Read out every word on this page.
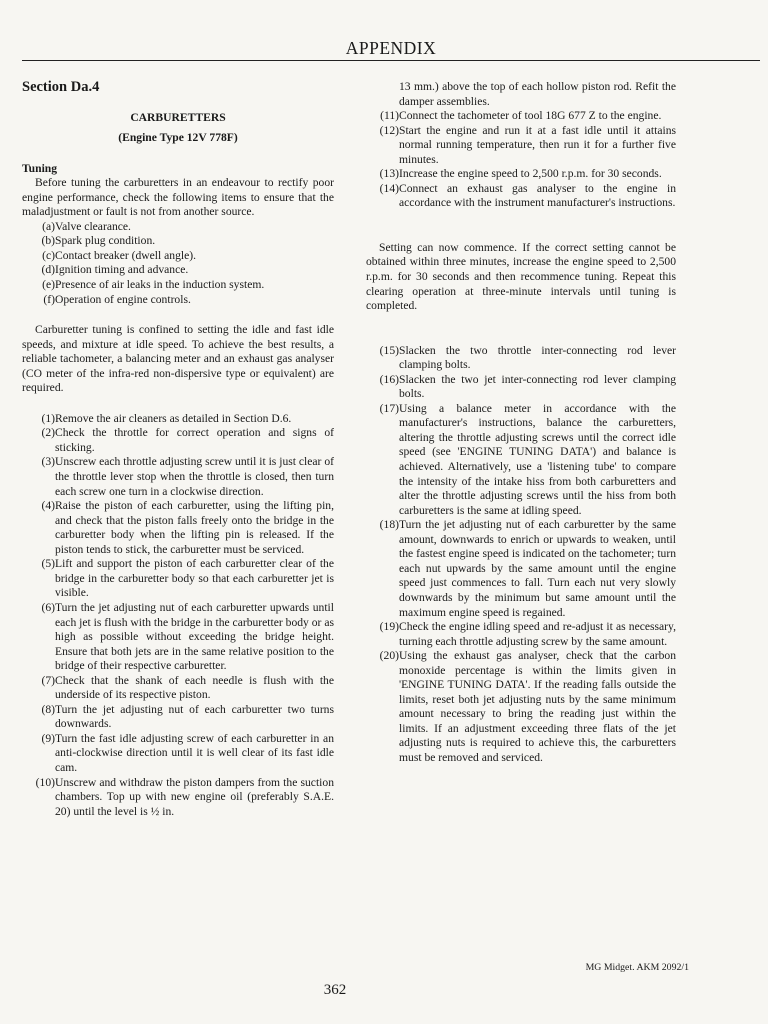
APPENDIX
Section Da.4

CARBURETTERS

(Engine Type 12V 778F)

Tuning

Before tuning the carburetters in an endeavour to rectify poor engine performance, check the following items to ensure that the maladjustment or fault is not from another source.

(a) Valve clearance.
(b) Spark plug condition.
(c) Contact breaker (dwell angle).
(d) Ignition timing and advance.
(e) Presence of air leaks in the induction system.
(f) Operation of engine controls.

Carburetter tuning is confined to setting the idle and fast idle speeds, and mixture at idle speed. To achieve the best results, a reliable tachometer, a balancing meter and an exhaust gas analyser (CO meter of the infra-red non-dispersive type or equivalent) are required.

(1) Remove the air cleaners as detailed in Section D.6.
(2) Check the throttle for correct operation and signs of sticking.
(3) Unscrew each throttle adjusting screw until it is just clear of the throttle lever stop when the throttle is closed, then turn each screw one turn in a clockwise direction.
(4) Raise the piston of each carburetter, using the lifting pin, and check that the piston falls freely onto the bridge in the carburetter body when the lifting pin is released. If the piston tends to stick, the carburetter must be serviced.
(5) Lift and support the piston of each carburetter clear of the bridge in the carburetter body so that each carburetter jet is visible.
(6) Turn the jet adjusting nut of each carburetter upwards until each jet is flush with the bridge in the carburetter body or as high as possible without exceeding the bridge height. Ensure that both jets are in the same relative position to the bridge of their respective carburetter.
(7) Check that the shank of each needle is flush with the underside of its respective piston.
(8) Turn the jet adjusting nut of each carburetter two turns downwards.
(9) Turn the fast idle adjusting screw of each carburetter in an anti-clockwise direction until it is well clear of its fast idle cam.
(10) Unscrew and withdraw the piston dampers from the suction chambers. Top up with new engine oil (preferably S.A.E. 20) until the level is ½ in.

13 mm.) above the top of each hollow piston rod. Refit the damper assemblies.

(11) Connect the tachometer of tool 18G 677 Z to the engine.
(12) Start the engine and run it at a fast idle until it attains normal running temperature, then run it for a further five minutes.
(13) Increase the engine speed to 2,500 r.p.m. for 30 seconds.
(14) Connect an exhaust gas analyser to the engine in accordance with the instrument manufacturer's instructions.

Setting can now commence. If the correct setting cannot be obtained within three minutes, increase the engine speed to 2,500 r.p.m. for 30 seconds and then recommence tuning. Repeat this clearing operation at three-minute intervals until tuning is completed.

(15) Slacken the two throttle inter-connecting rod lever clamping bolts.
(16) Slacken the two jet inter-connecting rod lever clamping bolts.
(17) Using a balance meter in accordance with the manufacturer's instructions, balance the carburetters, altering the throttle adjusting screws until the correct idle speed (see 'ENGINE TUNING DATA') and balance is achieved. Alternatively, use a 'listening tube' to compare the intensity of the intake hiss from both carburetters and alter the throttle adjusting screws until the hiss from both carburetters is the same at idling speed.
(18) Turn the jet adjusting nut of each carburetter by the same amount, downwards to enrich or upwards to weaken, until the fastest engine speed is indicated on the tachometer; turn each nut upwards by the same amount until the engine speed just commences to fall. Turn each nut very slowly downwards by the minimum but same amount until the maximum engine speed is regained.
(19) Check the engine idling speed and re-adjust it as necessary, turning each throttle adjusting screw by the same amount.
(20) Using the exhaust gas analyser, check that the carbon monoxide percentage is within the limits given in 'ENGINE TUNING DATA'. If the reading falls outside the limits, reset both jet adjusting nuts by the same minimum amount necessary to bring the reading just within the limits. If an adjustment exceeding three flats of the jet adjusting nuts is required to achieve this, the carburetters must be removed and serviced.
MG Midget. AKM 2092/1
362
